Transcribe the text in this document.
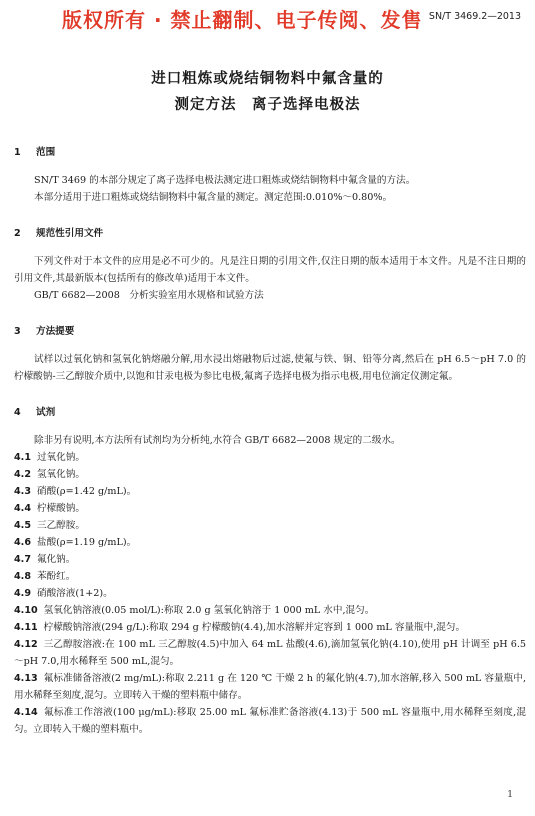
版权所有 · 禁止翻制、电子传阅、发售 SN/T 3469.2—2013
进口粗炼或烧结铜物料中氟含量的
测定方法　离子选择电极法

1 范围

SN/T 3469 的本部分规定了离子选择电极法测定进口粗炼或烧结铜物料中氟含量的方法。

本部分适用于进口粗炼或烧结铜物料中氟含量的测定。测定范围:0.010%～0.80%。

2 规范性引用文件

下列文件对于本文件的应用是必不可少的。凡是注日期的引用文件,仅注日期的版本适用于本文件。凡是不注日期的引用文件,其最新版本(包括所有的修改单)适用于本文件。

GB/T 6682—2008　分析实验室用水规格和试验方法

3 方法提要

试样以过氧化钠和氢氧化钠熔融分解,用水浸出熔融物后过滤,使氟与铁、铜、铅等分离,然后在 pH 6.5～pH 7.0 的柠檬酸钠-三乙醇胺介质中,以饱和甘汞电极为参比电极,氟离子选择电极为指示电极,用电位滴定仪测定氟。

4 试剂

除非另有说明,本方法所有试剂均为分析纯,水符合 GB/T 6682—2008 规定的二级水。

4.1 过氧化钠。

4.2 氢氧化钠。

4.3 硝酸(ρ=1.42 g/mL)。

4.4 柠檬酸钠。

4.5 三乙醇胺。

4.6 盐酸(ρ=1.19 g/mL)。

4.7 氟化钠。

4.8 苯酚红。

4.9 硝酸溶液(1+2)。

4.10 氢氧化钠溶液(0.05 mol/L):称取 2.0 g 氢氧化钠溶于 1 000 mL 水中,混匀。

4.11 柠檬酸钠溶液(294 g/L):称取 294 g 柠檬酸钠(4.4),加水溶解并定容到 1 000 mL 容量瓶中,混匀。

4.12 三乙醇胺溶液:在 100 mL 三乙醇胺(4.5)中加入 64 mL 盐酸(4.6),滴加氢氧化钠(4.10),使用 pH 计调至 pH 6.5～pH 7.0,用水稀释至 500 mL,混匀。

4.13 氟标准储备溶液(2 mg/mL):称取 2.211 g 在 120 ℃ 干燥 2 h 的氟化钠(4.7),加水溶解,移入 500 mL 容量瓶中,用水稀释至刻度,混匀。立即转入干燥的塑料瓶中储存。

4.14 氟标准工作溶液(100 μg/mL):移取 25.00 mL 氟标准贮备溶液(4.13)于 500 mL 容量瓶中,用水稀释至刻度,混匀。立即转入干燥的塑料瓶中。

1
